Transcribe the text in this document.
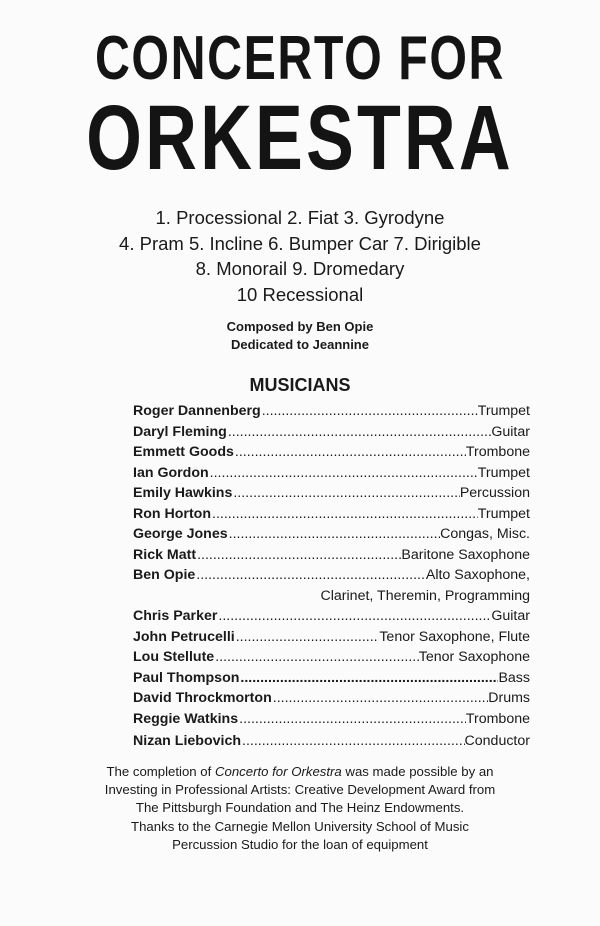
CONCERTO FOR
ORKESTRA
1. Processional 2. Fiat 3. Gyrodyne
4. Pram 5. Incline 6. Bumper Car 7. Dirigible
8. Monorail 9. Dromedary
10 Recessional
Composed by Ben Opie
Dedicated to Jeannine
MUSICIANS
Roger Dannenberg .....	Trumpet
Daryl Fleming .....	Guitar
Emmett Goods .....	Trombone
Ian Gordon .....	Trumpet
Emily Hawkins .....	Percussion
Ron Horton .....	Trumpet
George Jones .....	Congas, Misc.
Rick Matt .....	Baritone Saxophone
Ben Opie .....	Alto Saxophone,
Clarinet, Theremin, Programming
Chris Parker .....	Guitar
John Petrucelli .....	Tenor Saxophone, Flute
Lou Stellute .....	Tenor Saxophone
Paul Thompson .....	Bass
David Throckmorton .....	Drums
Reggie Watkins .....	Trombone
Nizan Liebovich .....	Conductor
The completion of Concerto for Orkestra was made possible by an
Investing in Professional Artists: Creative Development Award from
The Pittsburgh Foundation and The Heinz Endowments.
Thanks to the Carnegie Mellon University School of Music
Percussion Studio for the loan of equipment
